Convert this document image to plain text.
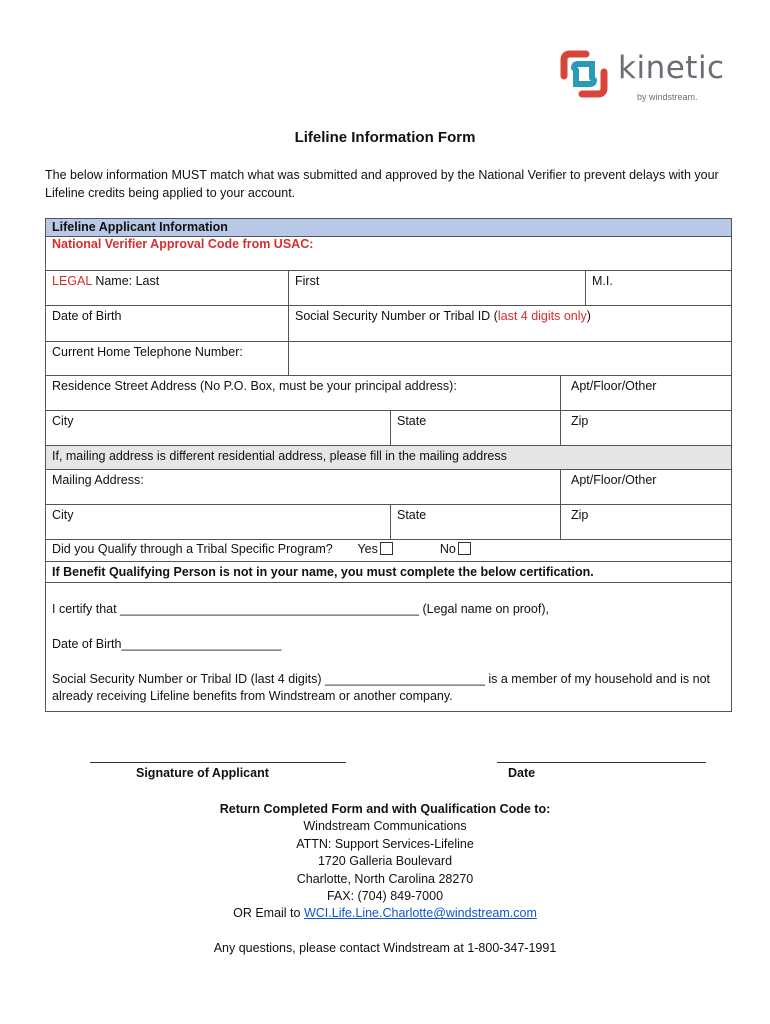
kinetic
by windstream.
Lifeline Information Form
The below information MUST match what was submitted and approved by the National Verifier to prevent delays with your Lifeline credits being applied to your account.
Lifeline Applicant Information				
National Verifier Approval Code from USAC:				
LEGAL Name: Last	First			M.I.
Date of Birth	Social Security Number or Tribal ID (last 4 digits only)			
Current Home Telephone Number:				
Residence Street Address (No P.O. Box, must be your principal address):			Apt/Floor/Other	
City		State	Zip	
If, mailing address is different residential address, please fill in the mailing address				
Mailing Address:			Apt/Floor/Other	
City		State	Zip	
Did you Qualify through a Tribal Specific Program? Yes No				
If Benefit Qualifying Person is not in your name, you must complete the below certification.				

I certify that ___________________________________________ (Legal name on proof),
Date of Birth_______________________
Social Security Number or Tribal ID (last 4 digits) _______________________ is a member of my household and is not already receiving Lifeline benefits from Windstream or another company.				
Signature of Applicant	Date
Return Completed Form and with Qualification Code to:
Windstream Communications
ATTN: Support Services-Lifeline
1720 Galleria Boulevard
Charlotte, North Carolina 28270
FAX: (704) 849-7000
OR Email to WCI.Life.Line.Charlotte@windstream.com
Any questions, please contact Windstream at 1-800-347-1991
